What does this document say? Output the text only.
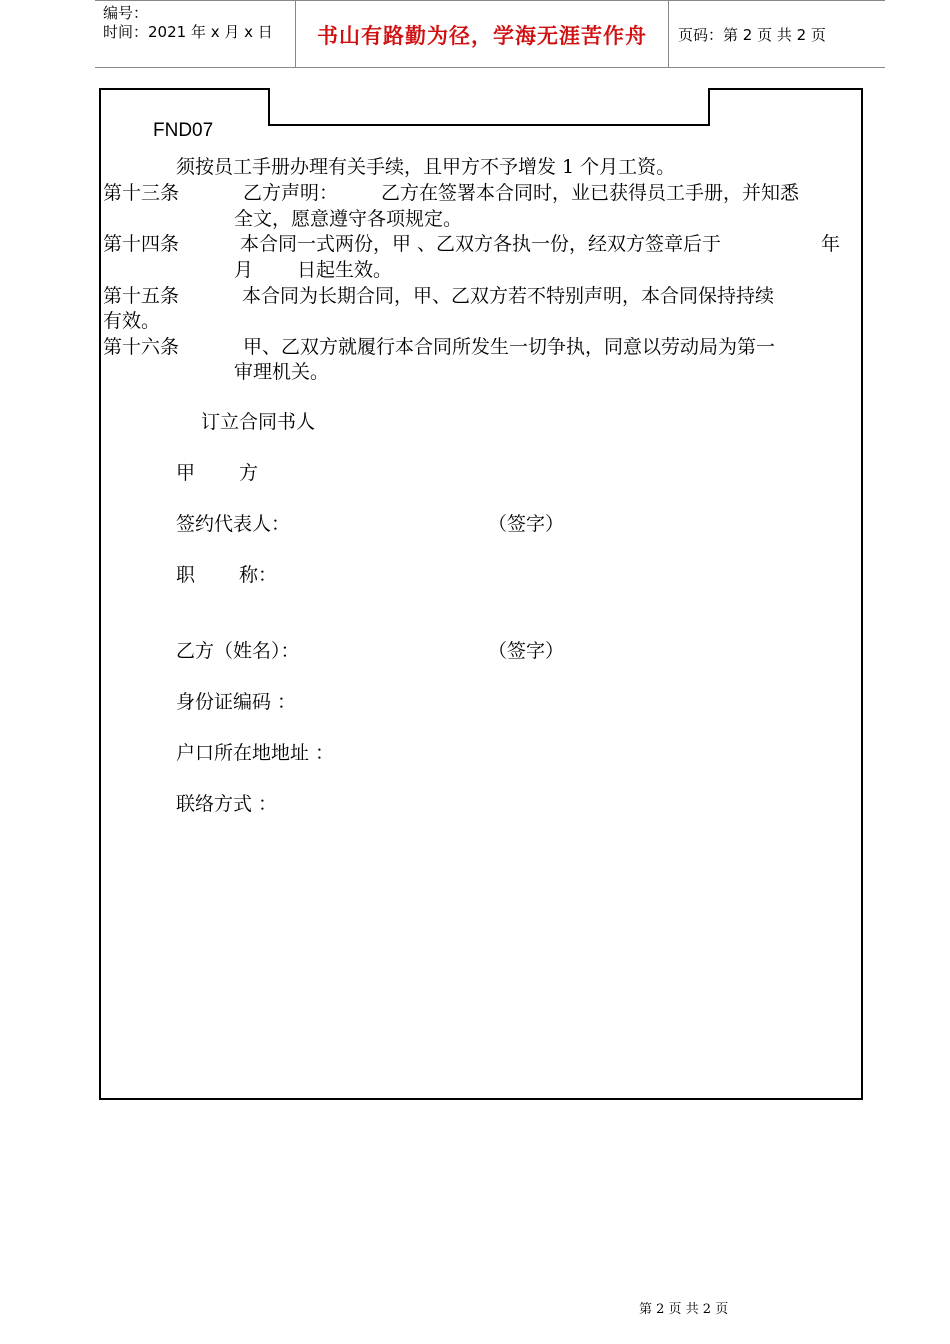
编号：
时间：2021 年 x 月 x 日	书山有路勤为径，学海无涯苦作舟	页码：第 2 页 共 2 页
FND07
须按员工手册办理有关手续，且甲方不予增发 1 个月工资。
第十三条	乙方声明： 乙方在签署本合同时，业已获得员工手册，并知悉
全文，愿意遵守各项规定。
第十四条	本合同一式两份，甲 、乙双方各执一份，经双方签章后于	年
月 日起生效。
第十五条	本合同为长期合同，甲、乙双方若不特别声明，本合同保持持续
有效。
第十六条	甲、乙双方就履行本合同所发生一切争执，同意以劳动局为第一
审理机关。
订立合同书人
甲 方
签约代表人：	（签字）
职 称：
乙方（姓名）：	（签字）
身份证编码 ：
户口所在地地址 ：
联络方式 ：
第 2 页 共 2 页
